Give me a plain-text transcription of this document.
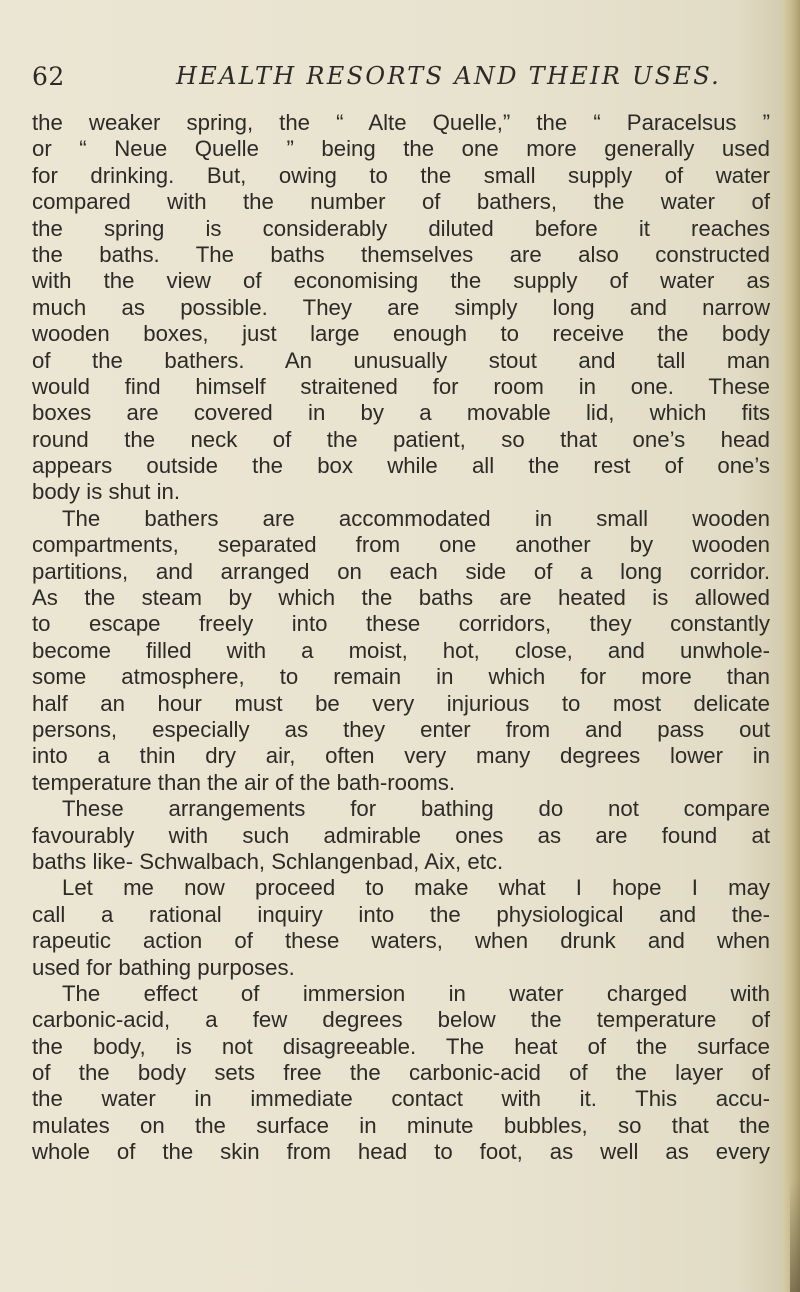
62	HEALTH RESORTS AND THEIR USES.
the weaker spring, the “ Alte Quelle,” the “ Paracelsus ”
or “ Neue Quelle ” being the one more generally used
for drinking. But, owing to the small supply of water
compared with the number of bathers, the water of
the spring is considerably diluted before it reaches
the baths. The baths themselves are also constructed
with the view of economising the supply of water as
much as possible. They are simply long and narrow
wooden boxes, just large enough to receive the body
of the bathers. An unusually stout and tall man
would find himself straitened for room in one. These
boxes are covered in by a movable lid, which fits
round the neck of the patient, so that one’s head
appears outside the box while all the rest of one’s
body is shut in.
The bathers are accommodated in small wooden
compartments, separated from one another by wooden
partitions, and arranged on each side of a long corridor.
As the steam by which the baths are heated is allowed
to escape freely into these corridors, they constantly
become filled with a moist, hot, close, and unwhole-
some atmosphere, to remain in which for more than
half an hour must be very injurious to most delicate
persons, especially as they enter from and pass out
into a thin dry air, often very many degrees lower in
temperature than the air of the bath-rooms.
These arrangements for bathing do not compare
favourably with such admirable ones as are found at
baths like- Schwalbach, Schlangenbad, Aix, etc.
Let me now proceed to make what I hope I may
call a rational inquiry into the physiological and the-
rapeutic action of these waters, when drunk and when
used for bathing purposes.
The effect of immersion in water charged with
carbonic-acid, a few degrees below the temperature of
the body, is not disagreeable. The heat of the surface
of the body sets free the carbonic-acid of the layer of
the water in immediate contact with it. This accu-
mulates on the surface in minute bubbles, so that the
whole of the skin from head to foot, as well as every
